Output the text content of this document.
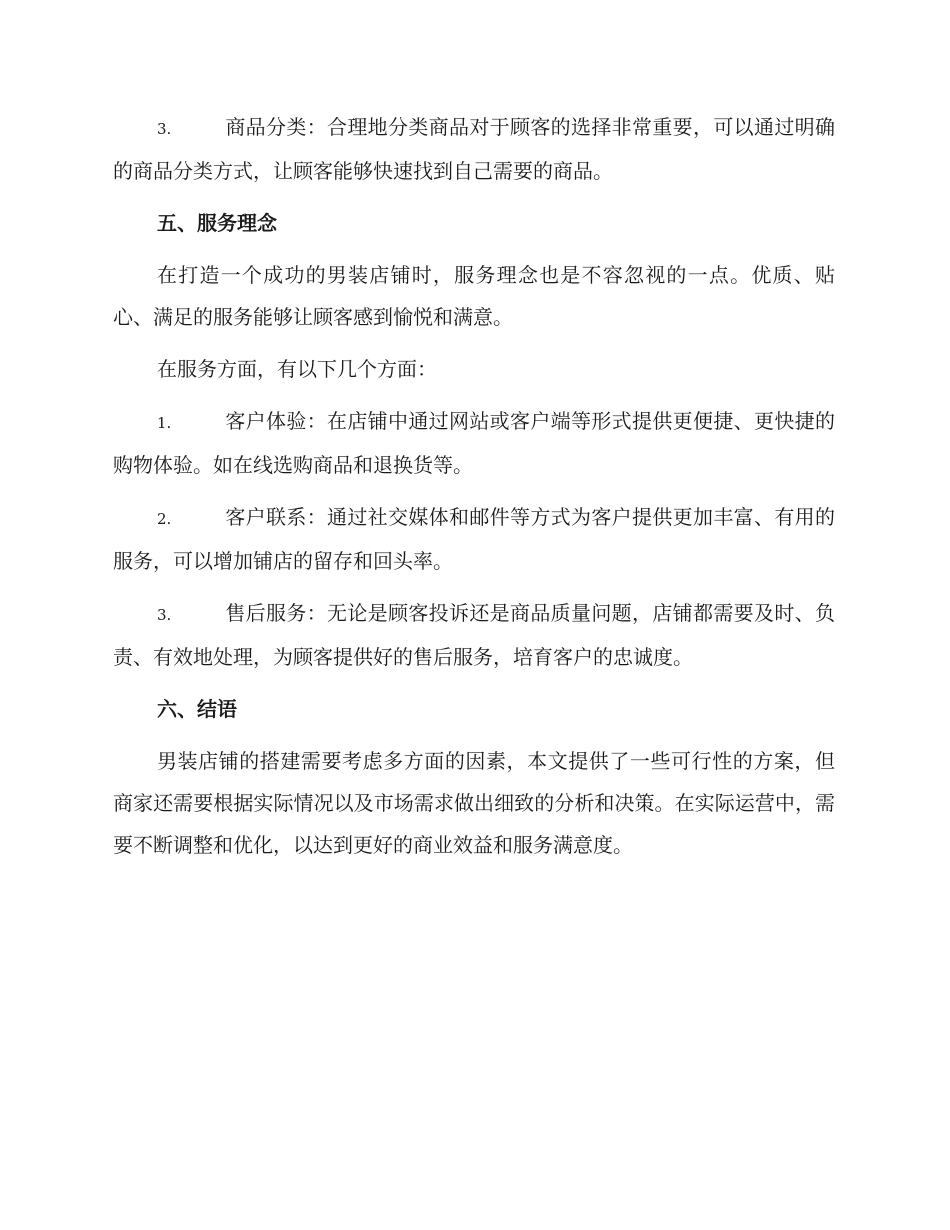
3.	商品分类：合理地分类商品对于顾客的选择非常重要，可以通过明确的商品分类方式，让顾客能够快速找到自己需要的商品。

五、服务理念

在打造一个成功的男装店铺时，服务理念也是不容忽视的一点。优质、贴心、满足的服务能够让顾客感到愉悦和满意。

在服务方面，有以下几个方面：

1.	客户体验：在店铺中通过网站或客户端等形式提供更便捷、更快捷的购物体验。如在线选购商品和退换货等。

2.	客户联系：通过社交媒体和邮件等方式为客户提供更加丰富、有用的服务，可以增加铺店的留存和回头率。

3.	售后服务：无论是顾客投诉还是商品质量问题，店铺都需要及时、负责、有效地处理，为顾客提供好的售后服务，培育客户的忠诚度。

六、结语

男装店铺的搭建需要考虑多方面的因素，本文提供了一些可行性的方案，但商家还需要根据实际情况以及市场需求做出细致的分析和决策。在实际运营中，需要不断调整和优化，以达到更好的商业效益和服务满意度。
